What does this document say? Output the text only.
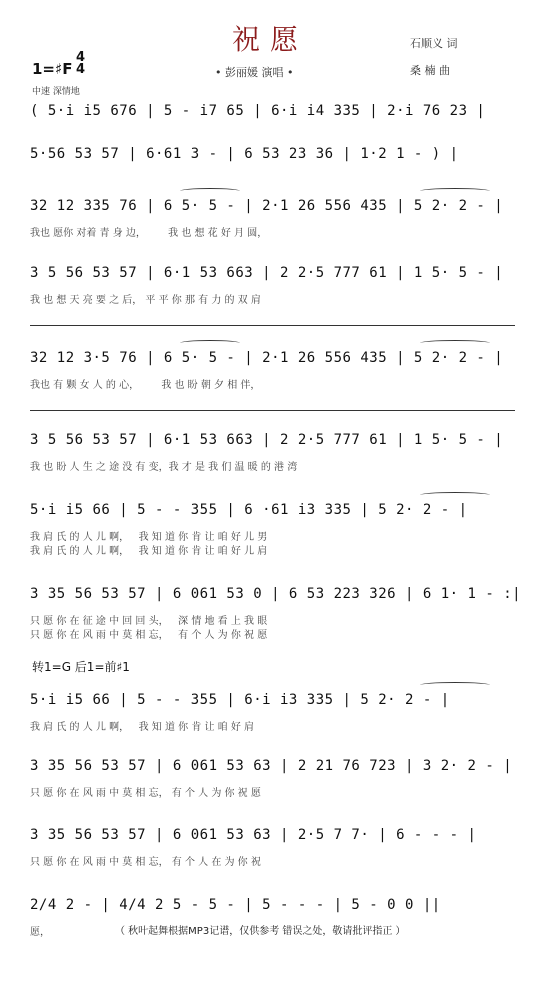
祝愿	石顺义 词
桑 楠 曲
• 彭丽媛 演唱 •
1=♯F
4
4
中速 深情地
( 5·i i5 676 | 5 - i7 65 | 6·i i4 335 | 2·i 76 23 |
5·56 53 57 | 6·61 3 - | 6 53 23 36 | 1·2 1 - ) |
32 12 335 76 | 6 5· 5 - | 2·1 26 556 435 | 5 2· 2 - |
我也 愿你 对着 青 身 边，       我 也 想 花 好 月 圆，
3 5 56 53 57 | 6·1 53 663 | 2 2·5 777 61 | 1 5· 5 - |
我 也 想 天 亮 要 之 后， 平 平 你 那 有 力 的 双 肩
32 12 3·5 76 | 6 5· 5 - | 2·1 26 556 435 | 5 2· 2 - |
我也 有 颗 女 人 的 心，       我 也 盼 朝 夕 相 伴，
3 5 56 53 57 | 6·1 53 663 | 2 2·5 777 61 | 1 5· 5 - |
我 也 盼 人 生 之 途 没 有 变，我 才 是 我 们 温 暖 的 港 湾
5·i i5 66 | 5 - - 355 | 6 ·61 i3 335 | 5 2· 2 - |
我 肩 氏 的 人 儿 啊，   我 知 道 你 肯 让 咱 好 儿 男
我 肩 氏 的 人 儿 啊，   我 知 道 你 肯 让 咱 好 儿 肩
3 35 56 53 57 | 6 061 53 0 | 6 53 223 326 | 6 1· 1 - :|
只 愿 你 在 征 途 中 回 回 头，   深 情 地 看 上 我 眼
只 愿 你 在 风 雨 中 莫 相 忘，   有 个 人 为 你 祝 愿
转1=G 后1=前♯1
5·i i5 66 | 5 - - 355 | 6·i i3 335 | 5 2· 2 - |
我 肩 氏 的 人 儿 啊，   我 知 道 你 肯 让 咱 好 肩
3 35 56 53 57 | 6 061 53 63 | 2 21 76 723 | 3 2· 2 - |
只 愿 你 在 风 雨 中 莫 相 忘， 有 个 人 为 你 祝 愿
3 35 56 53 57 | 6 061 53 63 | 2·5 7 7· | 6 - - - |
只 愿 你 在 风 雨 中 莫 相 忘， 有 个 人 在 为 你 祝
2/4 2 - | 4/4 2 5 - 5 - | 5 - - - | 5 - 0 0 ||
愿，	（ 秋叶起舞根据MP3记谱，仅供参考 错误之处，敬请批评指正 ）
